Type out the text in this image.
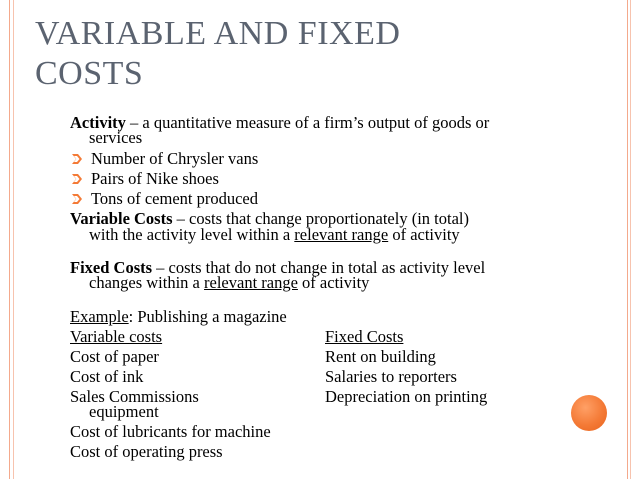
VARIABLE AND FIXED
COSTS
Activity – a quantitative measure of a firm’s output of goods or
services
Number of Chrysler vans
Pairs of Nike shoes
Tons of cement produced
Variable Costs – costs that change proportionately (in total)
with the activity level within a relevant range of activity
Fixed Costs – costs that do not change in total as activity level
changes within a relevant range of activity
Example: Publishing a magazine
Variable costs	Fixed Costs
Cost of paper	Rent on building
Cost of ink	Salaries to reporters
Sales Commissions	Depreciation on printing
equipment
Cost of lubricants for machine
Cost of operating press
